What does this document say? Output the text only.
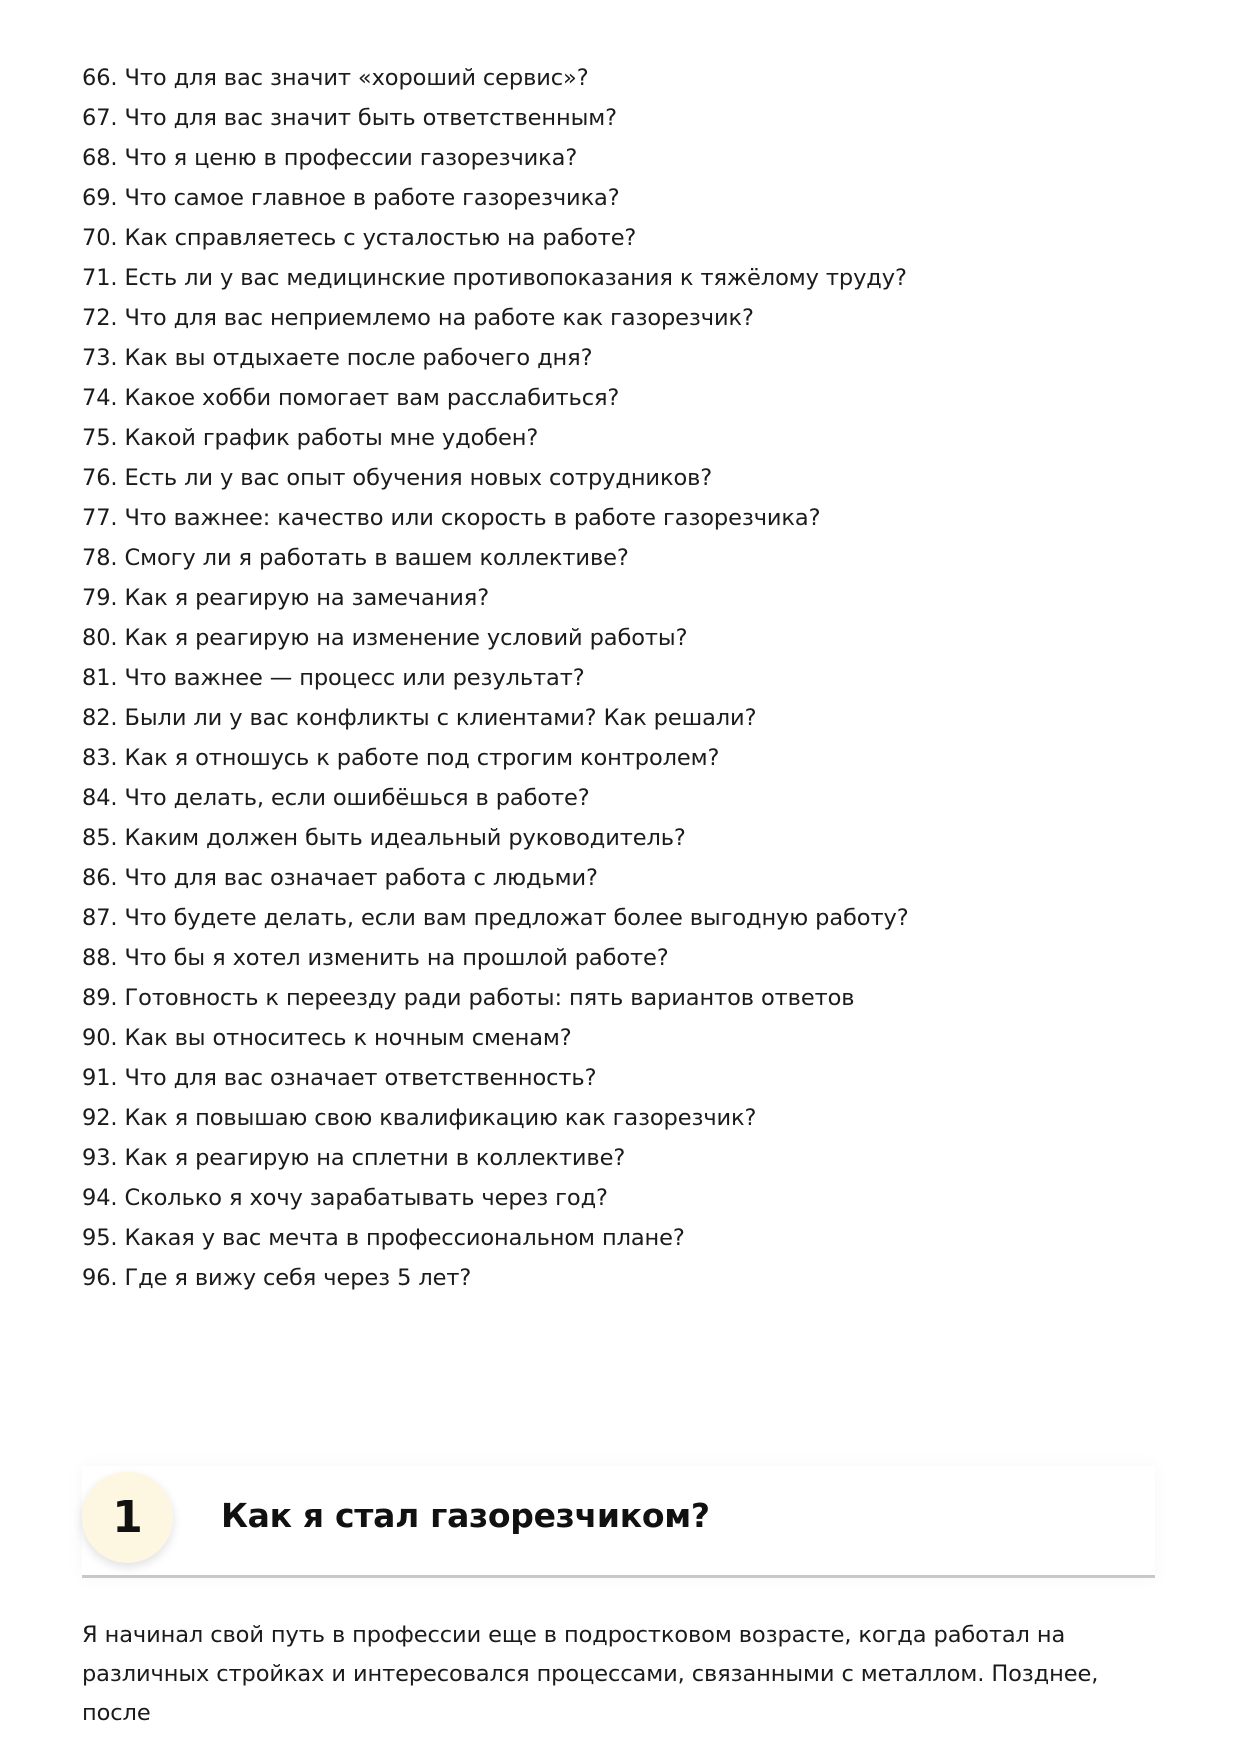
66. Что для вас значит «хороший сервис»?
67. Что для вас значит быть ответственным?
68. Что я ценю в профессии газорезчика?
69. Что самое главное в работе газорезчика?
70. Как справляетесь с усталостью на работе?
71. Есть ли у вас медицинские противопоказания к тяжёлому труду?
72. Что для вас неприемлемо на работе как газорезчик?
73. Как вы отдыхаете после рабочего дня?
74. Какое хобби помогает вам расслабиться?
75. Какой график работы мне удобен?
76. Есть ли у вас опыт обучения новых сотрудников?
77. Что важнее: качество или скорость в работе газорезчика?
78. Смогу ли я работать в вашем коллективе?
79. Как я реагирую на замечания?
80. Как я реагирую на изменение условий работы?
81. Что важнее — процесс или результат?
82. Были ли у вас конфликты с клиентами? Как решали?
83. Как я отношусь к работе под строгим контролем?
84. Что делать, если ошибёшься в работе?
85. Каким должен быть идеальный руководитель?
86. Что для вас означает работа с людьми?
87. Что будете делать, если вам предложат более выгодную работу?
88. Что бы я хотел изменить на прошлой работе?
89. Готовность к переезду ради работы: пять вариантов ответов
90. Как вы относитесь к ночным сменам?
91. Что для вас означает ответственность?
92. Как я повышаю свою квалификацию как газорезчик?
93. Как я реагирую на сплетни в коллективе?
94. Сколько я хочу зарабатывать через год?
95. Какая у вас мечта в профессиональном плане?
96. Где я вижу себя через 5 лет?
1	Как я стал газорезчиком?

Я начинал свой путь в профессии еще в подростковом возрасте, когда работал на различных стройках и интересовался процессами, связанными с металлом. Позднее, после
